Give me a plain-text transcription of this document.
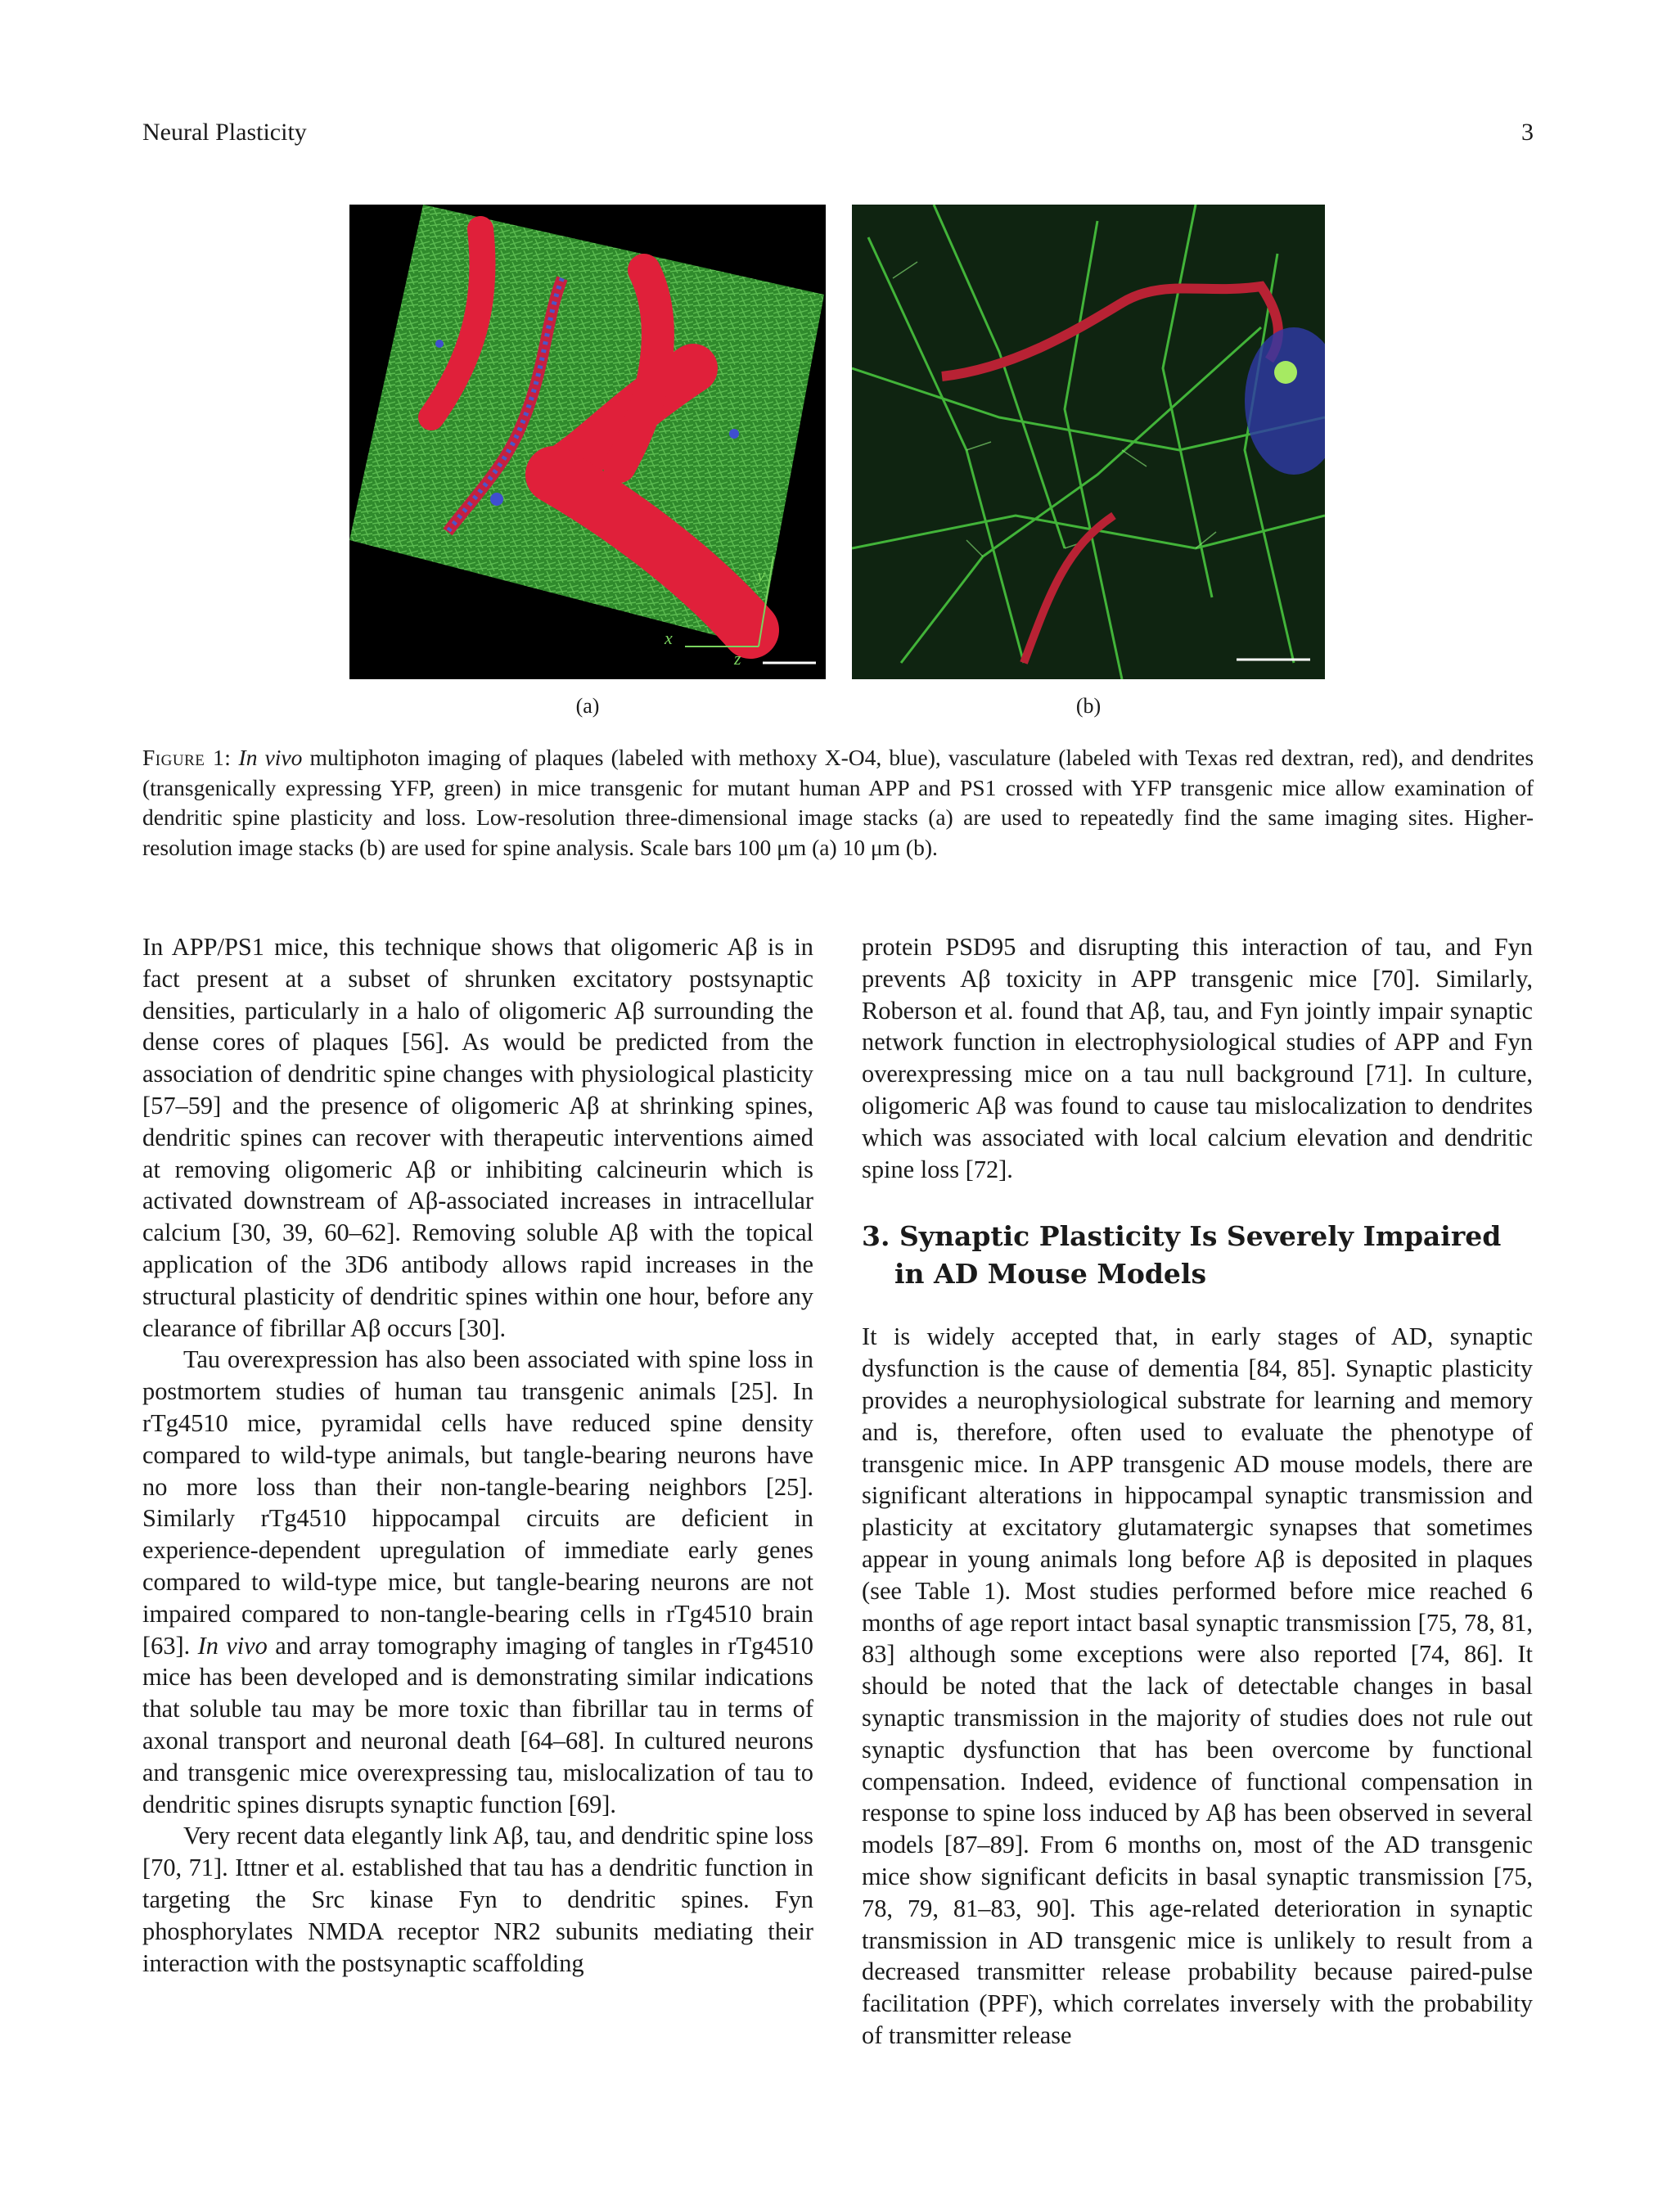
Neural Plasticity	3
x
y
z
(a)	(b)
Figure 1: In vivo multiphoton imaging of plaques (labeled with methoxy X-O4, blue), vasculature (labeled with Texas red dextran, red), and dendrites (transgenically expressing YFP, green) in mice transgenic for mutant human APP and PS1 crossed with YFP transgenic mice allow examination of dendritic spine plasticity and loss. Low-resolution three-dimensional image stacks (a) are used to repeatedly find the same imaging sites. Higher-resolution image stacks (b) are used for spine analysis. Scale bars 100 μm (a) 10 μm (b).

In APP/PS1 mice, this technique shows that oligomeric Aβ is in fact present at a subset of shrunken excitatory postsynaptic densities, particularly in a halo of oligomeric Aβ surrounding the dense cores of plaques [56]. As would be predicted from the association of dendritic spine changes with physiological plasticity [57–59] and the presence of oligomeric Aβ at shrinking spines, dendritic spines can recover with therapeutic interventions aimed at removing oligomeric Aβ or inhibiting calcineurin which is activated downstream of Aβ-associated increases in intracellular calcium [30, 39, 60–62]. Removing soluble Aβ with the topical application of the 3D6 antibody allows rapid increases in the structural plasticity of dendritic spines within one hour, before any clearance of fibrillar Aβ occurs [30].

Tau overexpression has also been associated with spine loss in postmortem studies of human tau transgenic animals [25]. In rTg4510 mice, pyramidal cells have reduced spine density compared to wild-type animals, but tangle-bearing neurons have no more loss than their non-tangle-bearing neighbors [25]. Similarly rTg4510 hippocampal circuits are deficient in experience-dependent upregulation of immediate early genes compared to wild-type mice, but tangle-bearing neurons are not impaired compared to non-tangle-bearing cells in rTg4510 brain [63]. In vivo and array tomography imaging of tangles in rTg4510 mice has been developed and is demonstrating similar indications that soluble tau may be more toxic than fibrillar tau in terms of axonal transport and neuronal death [64–68]. In cultured neurons and transgenic mice overexpressing tau, mislocalization of tau to dendritic spines disrupts synaptic function [69].

Very recent data elegantly link Aβ, tau, and dendritic spine loss [70, 71]. Ittner et al. established that tau has a dendritic function in targeting the Src kinase Fyn to dendritic spines. Fyn phosphorylates NMDA receptor NR2 subunits mediating their interaction with the postsynaptic scaffolding

protein PSD95 and disrupting this interaction of tau, and Fyn prevents Aβ toxicity in APP transgenic mice [70]. Similarly, Roberson et al. found that Aβ, tau, and Fyn jointly impair synaptic network function in electrophysiological studies of APP and Fyn overexpressing mice on a tau null background [71]. In culture, oligomeric Aβ was found to cause tau mislocalization to dendrites which was associated with local calcium elevation and dendritic spine loss [72].

3. Synaptic Plasticity Is Severely Impaired in AD Mouse Models

It is widely accepted that, in early stages of AD, synaptic dysfunction is the cause of dementia [84, 85]. Synaptic plasticity provides a neurophysiological substrate for learning and memory and is, therefore, often used to evaluate the phenotype of transgenic mice. In APP transgenic AD mouse models, there are significant alterations in hippocampal synaptic transmission and plasticity at excitatory glutamatergic synapses that sometimes appear in young animals long before Aβ is deposited in plaques (see Table 1). Most studies performed before mice reached 6 months of age report intact basal synaptic transmission [75, 78, 81, 83] although some exceptions were also reported [74, 86]. It should be noted that the lack of detectable changes in basal synaptic transmission in the majority of studies does not rule out synaptic dysfunction that has been overcome by functional compensation. Indeed, evidence of functional compensation in response to spine loss induced by Aβ has been observed in several models [87–89]. From 6 months on, most of the AD transgenic mice show significant deficits in basal synaptic transmission [75, 78, 79, 81–83, 90]. This age-related deterioration in synaptic transmission in AD transgenic mice is unlikely to result from a decreased transmitter release probability because paired-pulse facilitation (PPF), which correlates inversely with the probability of transmitter release
